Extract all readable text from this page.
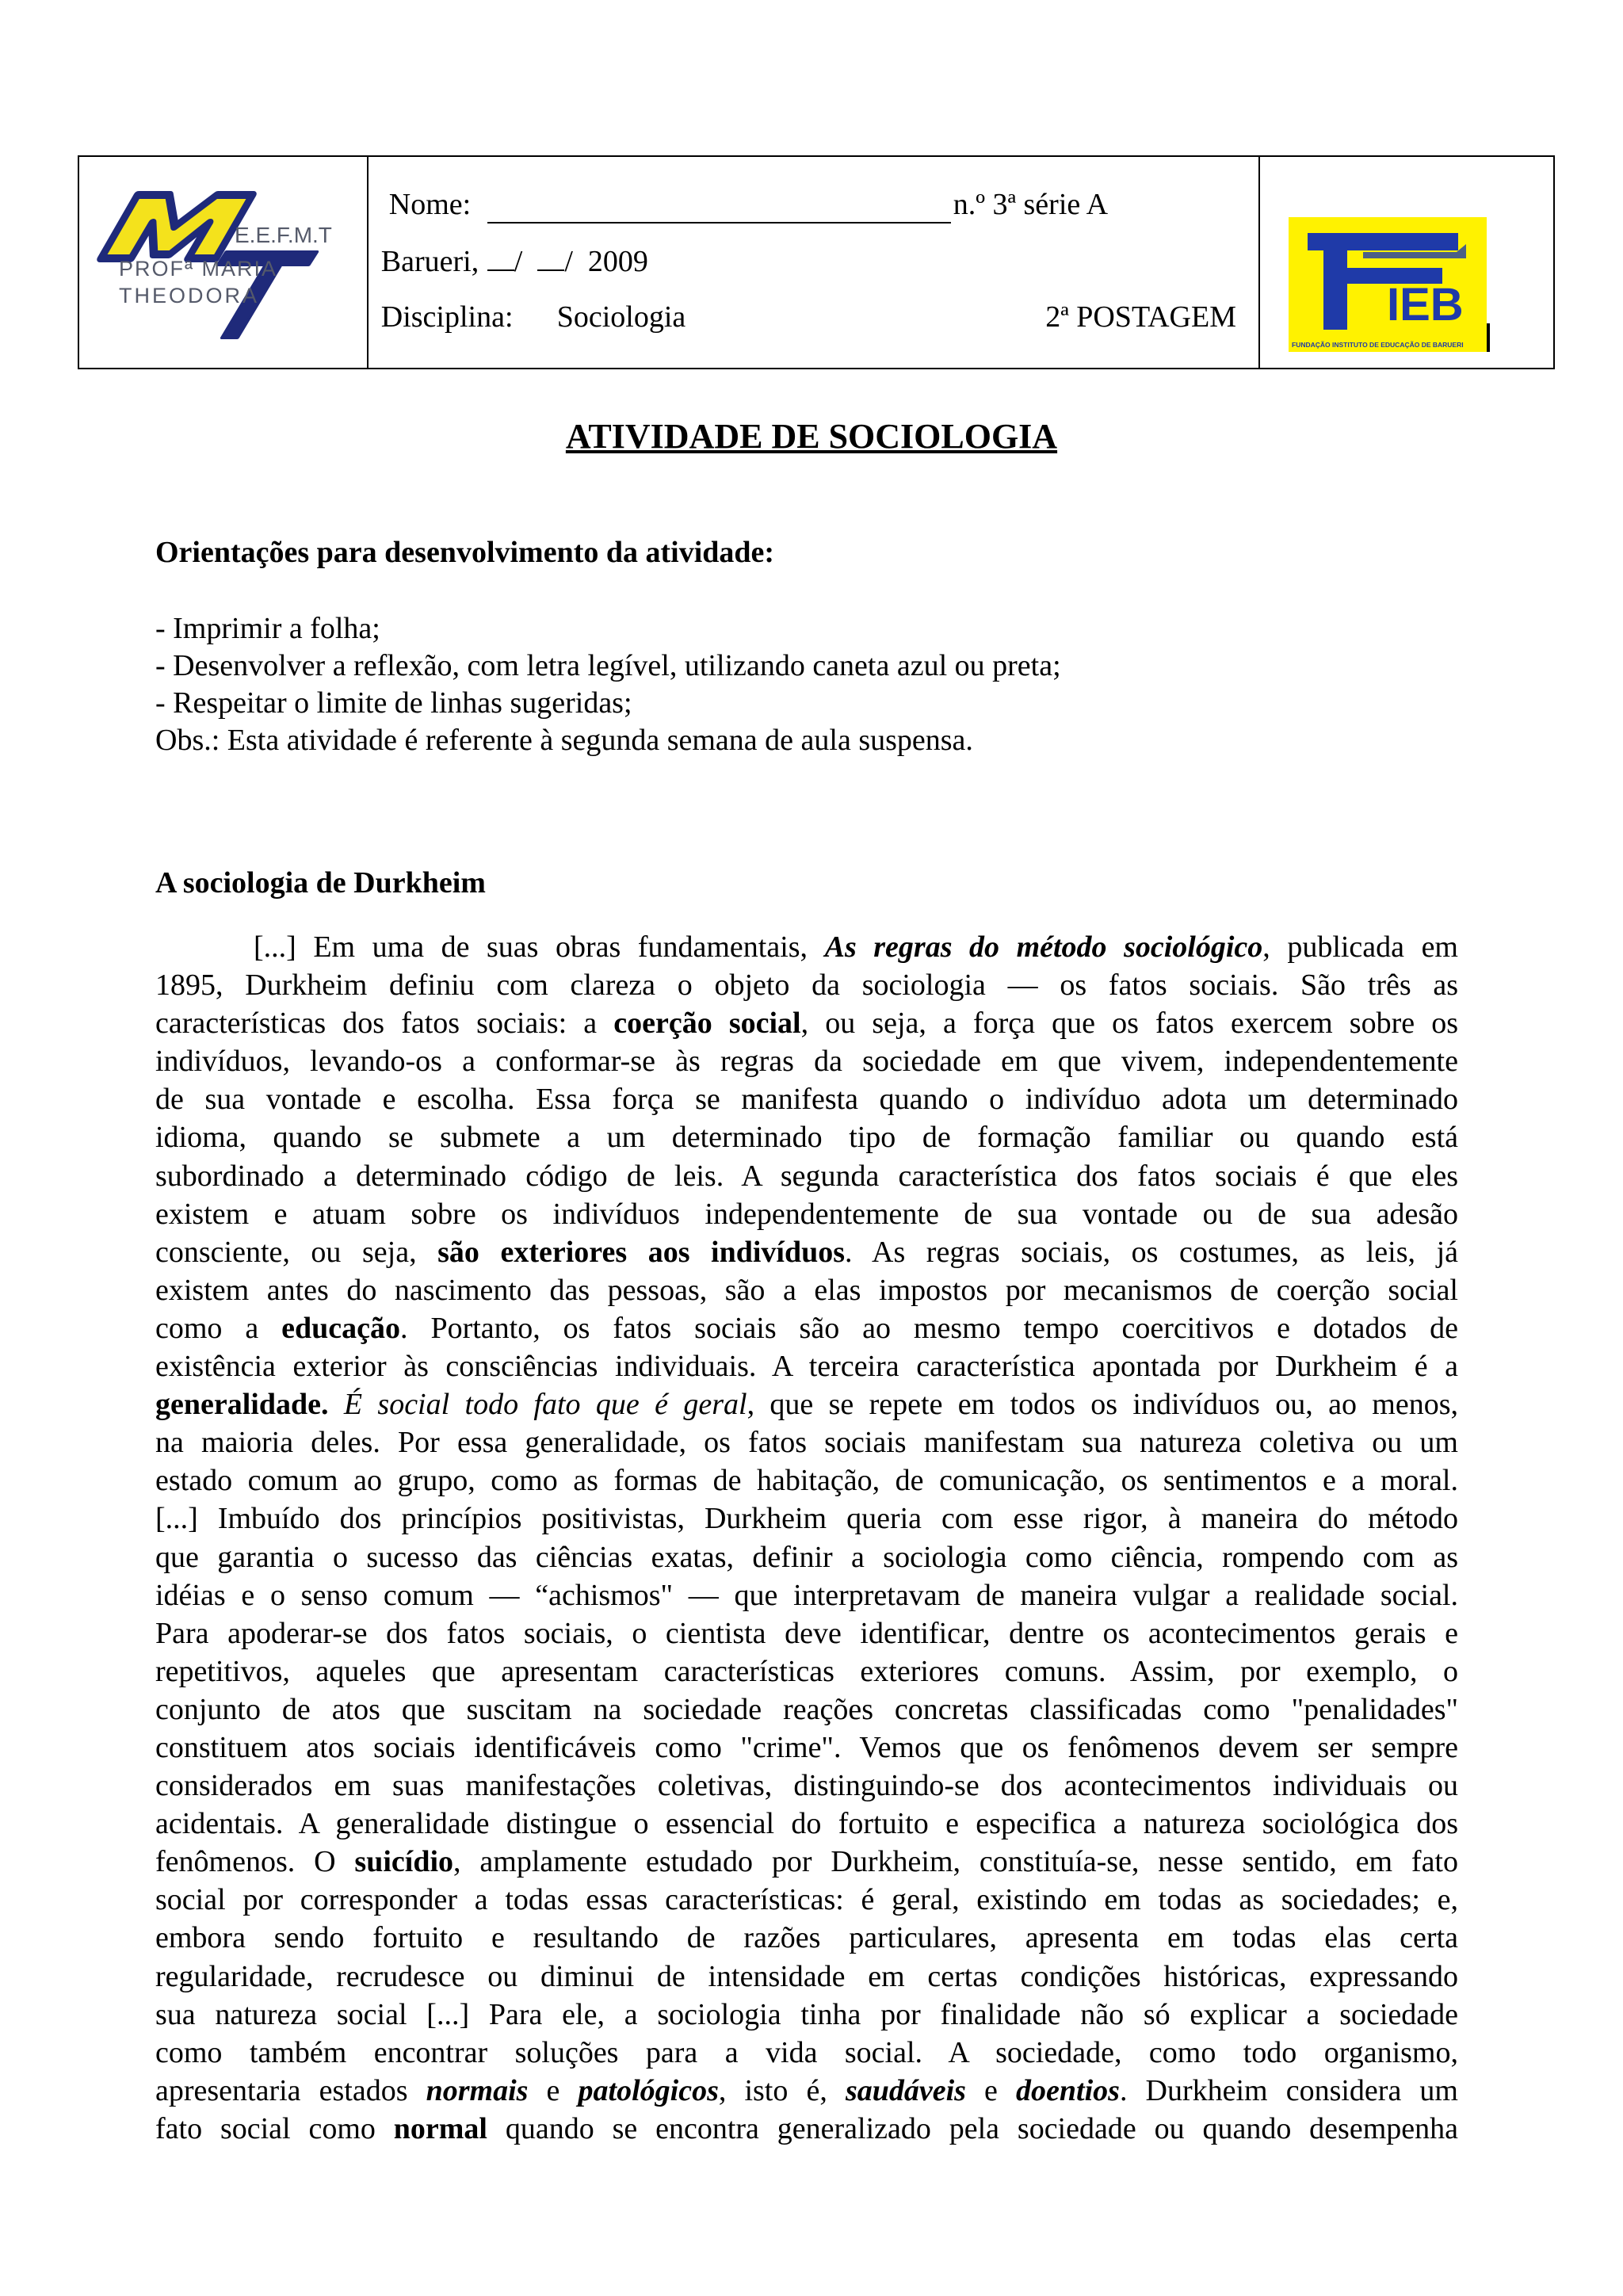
E.E.F.M.T
PROFª MARIA
THEODORA
Nome:	n.º 3ª série A
Barueri,	/ / 2009
Disciplina: Sociologia	2ª POSTAGEM	IEB
FUNDAÇÃO INSTITUTO DE EDUCAÇÃO DE BARUERI
ATIVIDADE DE SOCIOLOGIA
Orientações para desenvolvimento da atividade:
- Imprimir a folha;
- Desenvolver a reflexão, com letra legível, utilizando caneta azul ou preta;
- Respeitar o limite de linhas sugeridas;
Obs.: Esta atividade é referente à segunda semana de aula suspensa.
A sociologia de Durkheim
[...] Em uma de suas obras fundamentais, As regras do método sociológico, publicada em
1895, Durkheim definiu com clareza o objeto da sociologia — os fatos sociais. São três as
características dos fatos sociais: a coerção social, ou seja, a força que os fatos exercem sobre os
indivíduos, levando-os a conformar-se às regras da sociedade em que vivem, independentemente
de sua vontade e escolha. Essa força se manifesta quando o indivíduo adota um determinado
idioma, quando se submete a um determinado tipo de formação familiar ou quando está
subordinado a determinado código de leis. A segunda característica dos fatos sociais é que eles
existem e atuam sobre os indivíduos independentemente de sua vontade ou de sua adesão
consciente, ou seja, são exteriores aos indivíduos. As regras sociais, os costumes, as leis, já
existem antes do nascimento das pessoas, são a elas impostos por mecanismos de coerção social
como a educação. Portanto, os fatos sociais são ao mesmo tempo coercitivos e dotados de
existência exterior às consciências individuais. A terceira característica apontada por Durkheim é a
generalidade. É social todo fato que é geral, que se repete em todos os indivíduos ou, ao menos,
na maioria deles. Por essa generalidade, os fatos sociais manifestam sua natureza coletiva ou um
estado comum ao grupo, como as formas de habitação, de comunicação, os sentimentos e a moral.
[...] Imbuído dos princípios positivistas, Durkheim queria com esse rigor, à maneira do método
que garantia o sucesso das ciências exatas, definir a sociologia como ciência, rompendo com as
idéias e o senso comum — “achismos" — que interpretavam de maneira vulgar a realidade social.
Para apoderar-se dos fatos sociais, o cientista deve identificar, dentre os acontecimentos gerais e
repetitivos, aqueles que apresentam características exteriores comuns. Assim, por exemplo, o
conjunto de atos que suscitam na sociedade reações concretas classificadas como "penalidades"
constituem atos sociais identificáveis como "crime". Vemos que os fenômenos devem ser sempre
considerados em suas manifestações coletivas, distinguindo-se dos acontecimentos individuais ou
acidentais. A generalidade distingue o essencial do fortuito e especifica a natureza sociológica dos
fenômenos. O suicídio, amplamente estudado por Durkheim, constituía-se, nesse sentido, em fato
social por corresponder a todas essas características: é geral, existindo em todas as sociedades; e,
embora sendo fortuito e resultando de razões particulares, apresenta em todas elas certa
regularidade, recrudesce ou diminui de intensidade em certas condições históricas, expressando
sua natureza social [...] Para ele, a sociologia tinha por finalidade não só explicar a sociedade
como também encontrar soluções para a vida social. A sociedade, como todo organismo,
apresentaria estados normais e patológicos, isto é, saudáveis e doentios. Durkheim considera um
fato social como normal quando se encontra generalizado pela sociedade ou quando desempenha
